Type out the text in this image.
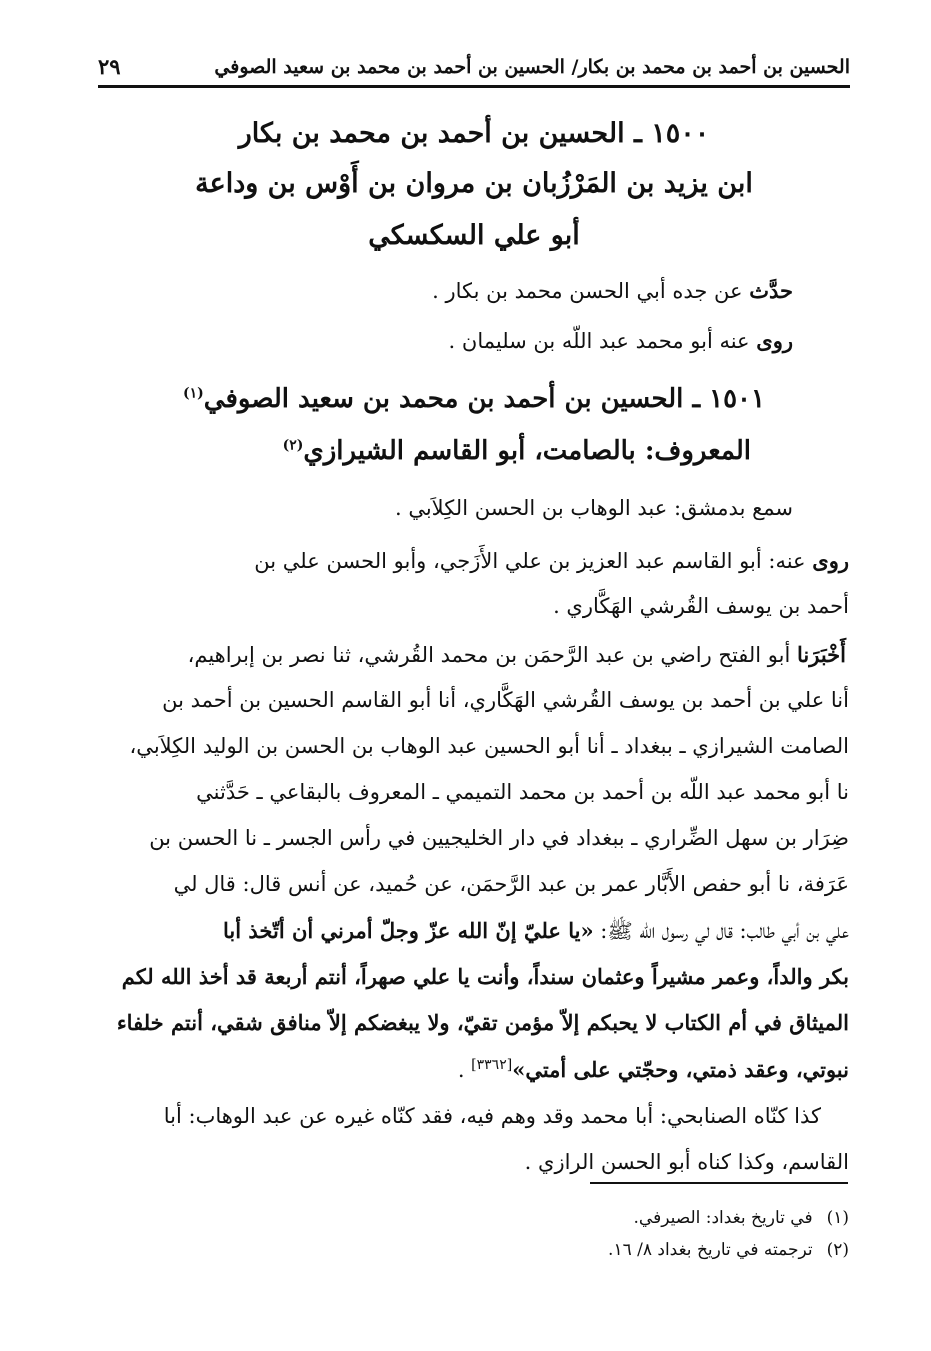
الحسين بن أحمد بن محمد بن بكار/ الحسين بن أحمد بن محمد بن سعيد الصوفي
٢٩
١٥٠٠ ـ الحسين بن أحمد بن محمد بن بكار
ابن يزيد بن المَرْزُبان بن مروان بن أَوْس بن وداعة
أبو علي السكسكي
حدَّث عن جده أبي الحسن محمد بن بكار .
روى عنه أبو محمد عبد اللّه بن سليمان .
١٥٠١ ـ الحسين بن أحمد بن محمد بن سعيد الصوفي$^{(١)}$
المعروف: بالصامت، أبو القاسم الشيرازي$^{(٢)}$
سمع بدمشق: عبد الوهاب بن الحسن الكِلاَبي .
روى عنه: أبو القاسم عبد العزيز بن علي الأَزَجي، وأبو الحسن علي بن
أحمد بن يوسف القُرشي الهَكَّاري .
أَخْبَرَنا أبو الفتح راضي بن عبد الرَّحمَن بن محمد القُرشي، ثنا نصر بن إبراهيم،
أنا علي بن أحمد بن يوسف القُرشي الهَكَّاري، أنا أبو القاسم الحسين بن أحمد بن
الصامت الشيرازي ـ ببغداد ـ أنا أبو الحسين عبد الوهاب بن الحسن بن الوليد الكِلاَبي،
نا أبو محمد عبد اللّه بن أحمد بن محمد التميمي ـ المعروف بالبقاعي ـ حَدَّثني
ضِرَار بن سهل الضِّراري ـ ببغداد في دار الخليجيين في رأس الجسر ـ نا الحسن بن
عَرَفة، نا أبو حفص الأَبَّار عمر بن عبد الرَّحمَن، عن حُميد، عن أنس قال: قال لي
علي بن أبي طالب: قال لي رسول الله ﷺ: «يا عليّ إنّ الله عزّ وجلّ أمرني أن أتّخذ أبا
بكر والداً، وعمر مشيراً وعثمان سنداً، وأنت يا علي صهراً، أنتم أربعة قد أخذ الله لكم
الميثاق في أم الكتاب لا يحبكم إلاّ مؤمن تقيّ، ولا يبغضكم إلاّ منافق شقي، أنتم خلفاء
نبوتي، وعقد ذمتي، وحجّتي على أمتي»[٣٣٦٢] .
كذا كنّاه الصنابحي: أبا محمد وقد وهم فيه، فقد كنّاه غيره عن عبد الوهاب: أبا
القاسم، وكذا كناه أبو الحسن الرازي .
(١)في تاريخ بغداد: الصيرفي.
(٢)ترجمته في تاريخ بغداد ٨/ ١٦.
